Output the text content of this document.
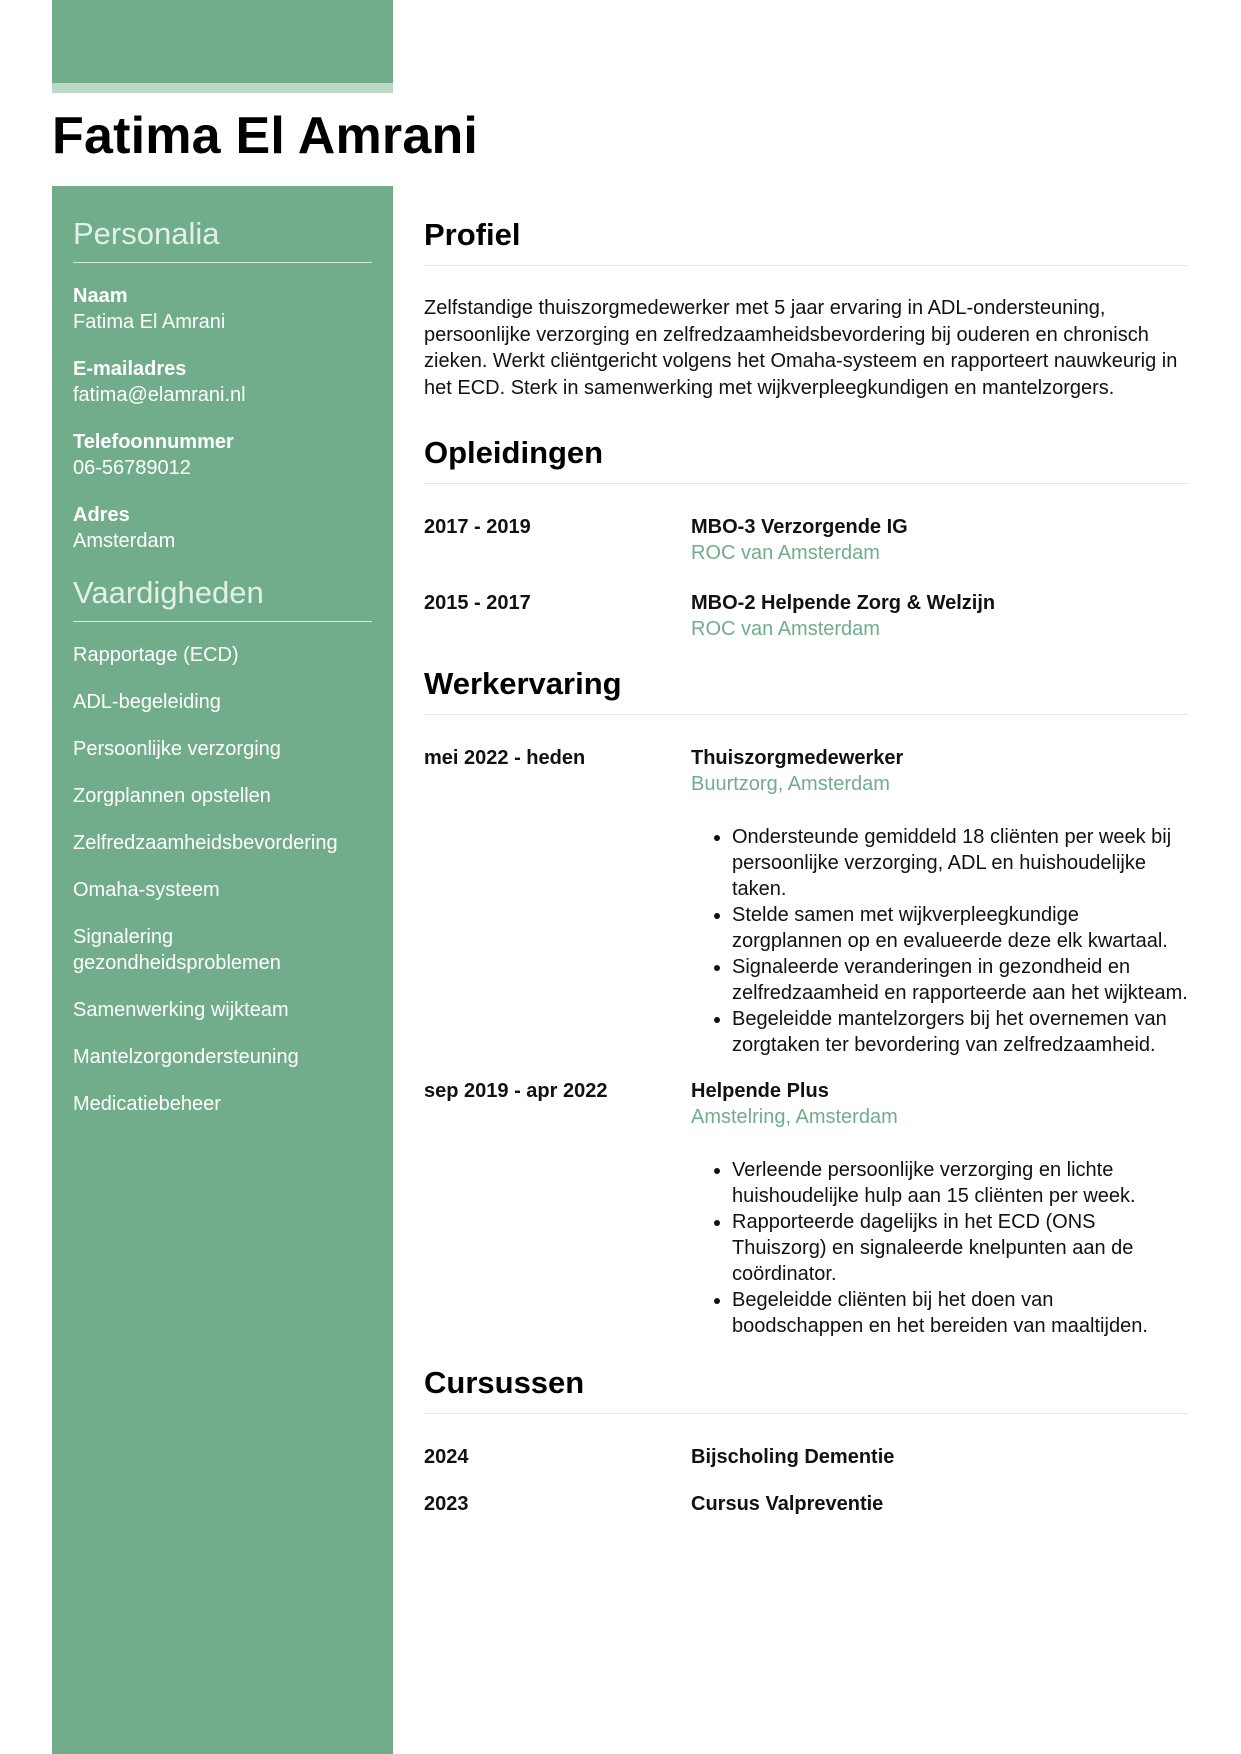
Fatima El Amrani
Personalia
Naam
Fatima El Amrani
E-mailadres
fatima@elamrani.nl
Telefoonnummer
06-56789012
Adres
Amsterdam
Vaardigheden
Rapportage (ECD)
ADL-begeleiding
Persoonlijke verzorging
Zorgplannen opstellen
Zelfredzaamheidsbevordering
Omaha-systeem
Signalering gezondheidsproblemen
Samenwerking wijkteam
Mantelzorgondersteuning
Medicatiebeheer
Profiel

Zelfstandige thuiszorgmedewerker met 5 jaar ervaring in ADL-ondersteuning, persoonlijke verzorging en zelfredzaamheidsbevordering bij ouderen en chronisch zieken. Werkt cliëntgericht volgens het Omaha-systeem en rapporteert nauwkeurig in het ECD. Sterk in samenwerking met wijkverpleegkundigen en mantelzorgers.

Opleidingen
2017 - 2019	MBO-3 Verzorgende IG
ROC van Amsterdam
2015 - 2017	MBO-2 Helpende Zorg & Welzijn
ROC van Amsterdam
Werkervaring
mei 2022 - heden	Thuiszorgmedewerker
Buurtzorg, Amsterdam
• Ondersteunde gemiddeld 18 cliënten per week bij persoonlijke verzorging, ADL en huishoudelijke taken.
• Stelde samen met wijkverpleegkundige zorgplannen op en evalueerde deze elk kwartaal.
• Signaleerde veranderingen in gezondheid en zelfredzaamheid en rapporteerde aan het wijkteam.
• Begeleidde mantelzorgers bij het overnemen van zorgtaken ter bevordering van zelfredzaamheid.
sep 2019 - apr 2022	Helpende Plus
Amstelring, Amsterdam
• Verleende persoonlijke verzorging en lichte huishoudelijke hulp aan 15 cliënten per week.
• Rapporteerde dagelijks in het ECD (ONS Thuiszorg) en signaleerde knelpunten aan de coördinator.
• Begeleidde cliënten bij het doen van boodschappen en het bereiden van maaltijden.
Cursussen
2024	Bijscholing Dementie
2023	Cursus Valpreventie
